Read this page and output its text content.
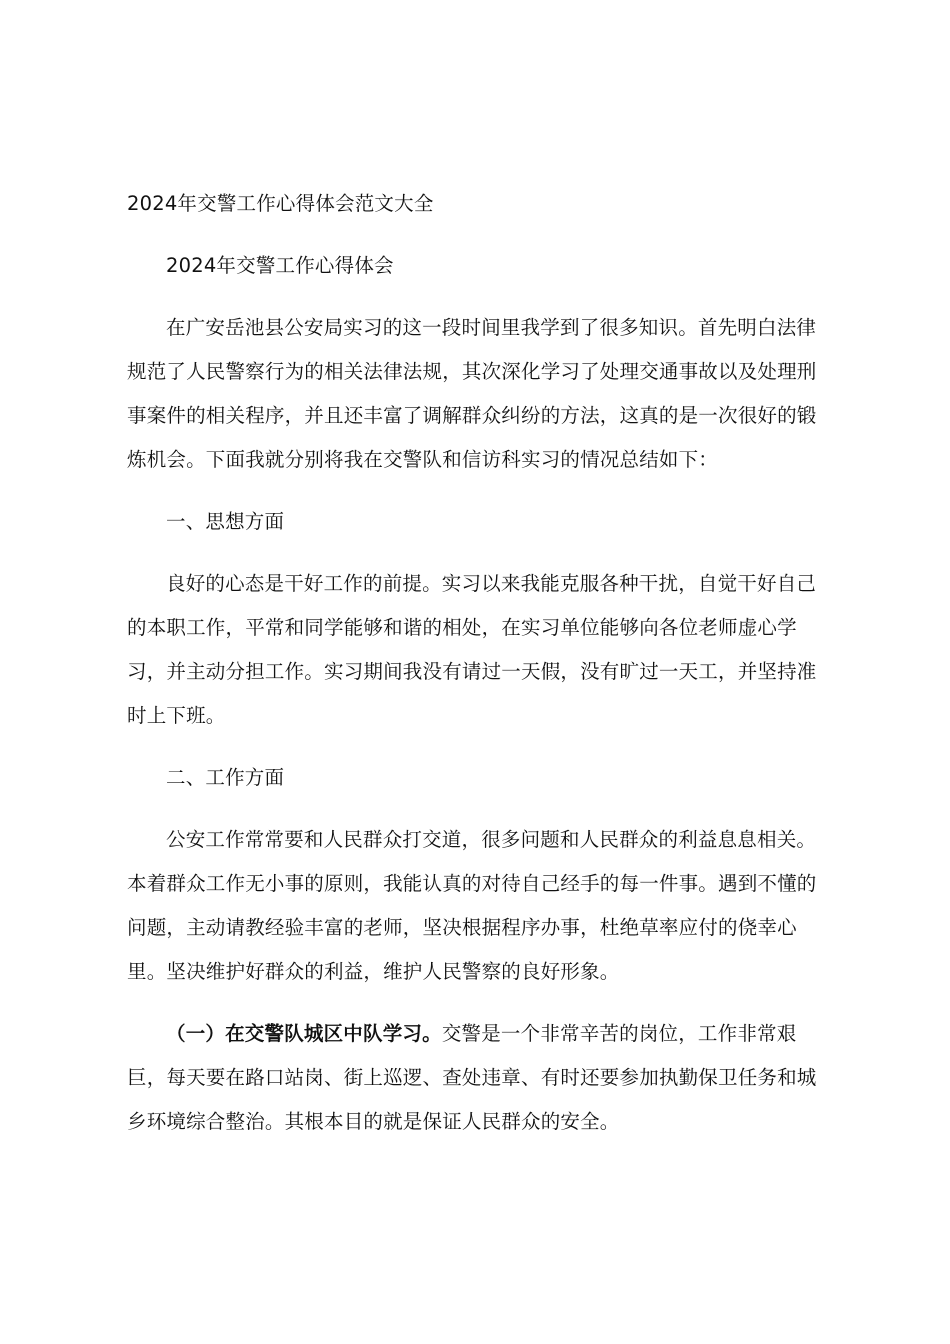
2024年交警工作心得体会范文大全

2024年交警工作心得体会

在广安岳池县公安局实习的这一段时间里我学到了很多知识。首先明白法律规范了人民警察行为的相关法律法规，其次深化学习了处理交通事故以及处理刑事案件的相关程序，并且还丰富了调解群众纠纷的方法，这真的是一次很好的锻炼机会。下面我就分别将我在交警队和信访科实习的情况总结如下：

一、思想方面

良好的心态是干好工作的前提。实习以来我能克服各种干扰，自觉干好自己的本职工作，平常和同学能够和谐的相处，在实习单位能够向各位老师虚心学习，并主动分担工作。实习期间我没有请过一天假，没有旷过一天工，并坚持准时上下班。

二、工作方面

公安工作常常要和人民群众打交道，很多问题和人民群众的利益息息相关。本着群众工作无小事的原则，我能认真的对待自己经手的每一件事。遇到不懂的问题，主动请教经验丰富的老师，坚决根据程序办事，杜绝草率应付的侥幸心里。坚决维护好群众的利益，维护人民警察的良好形象。

（一）在交警队城区中队学习。交警是一个非常辛苦的岗位，工作非常艰巨，每天要在路口站岗、街上巡逻、查处违章、有时还要参加执勤保卫任务和城乡环境综合整治。其根本目的就是保证人民群众的安全。
